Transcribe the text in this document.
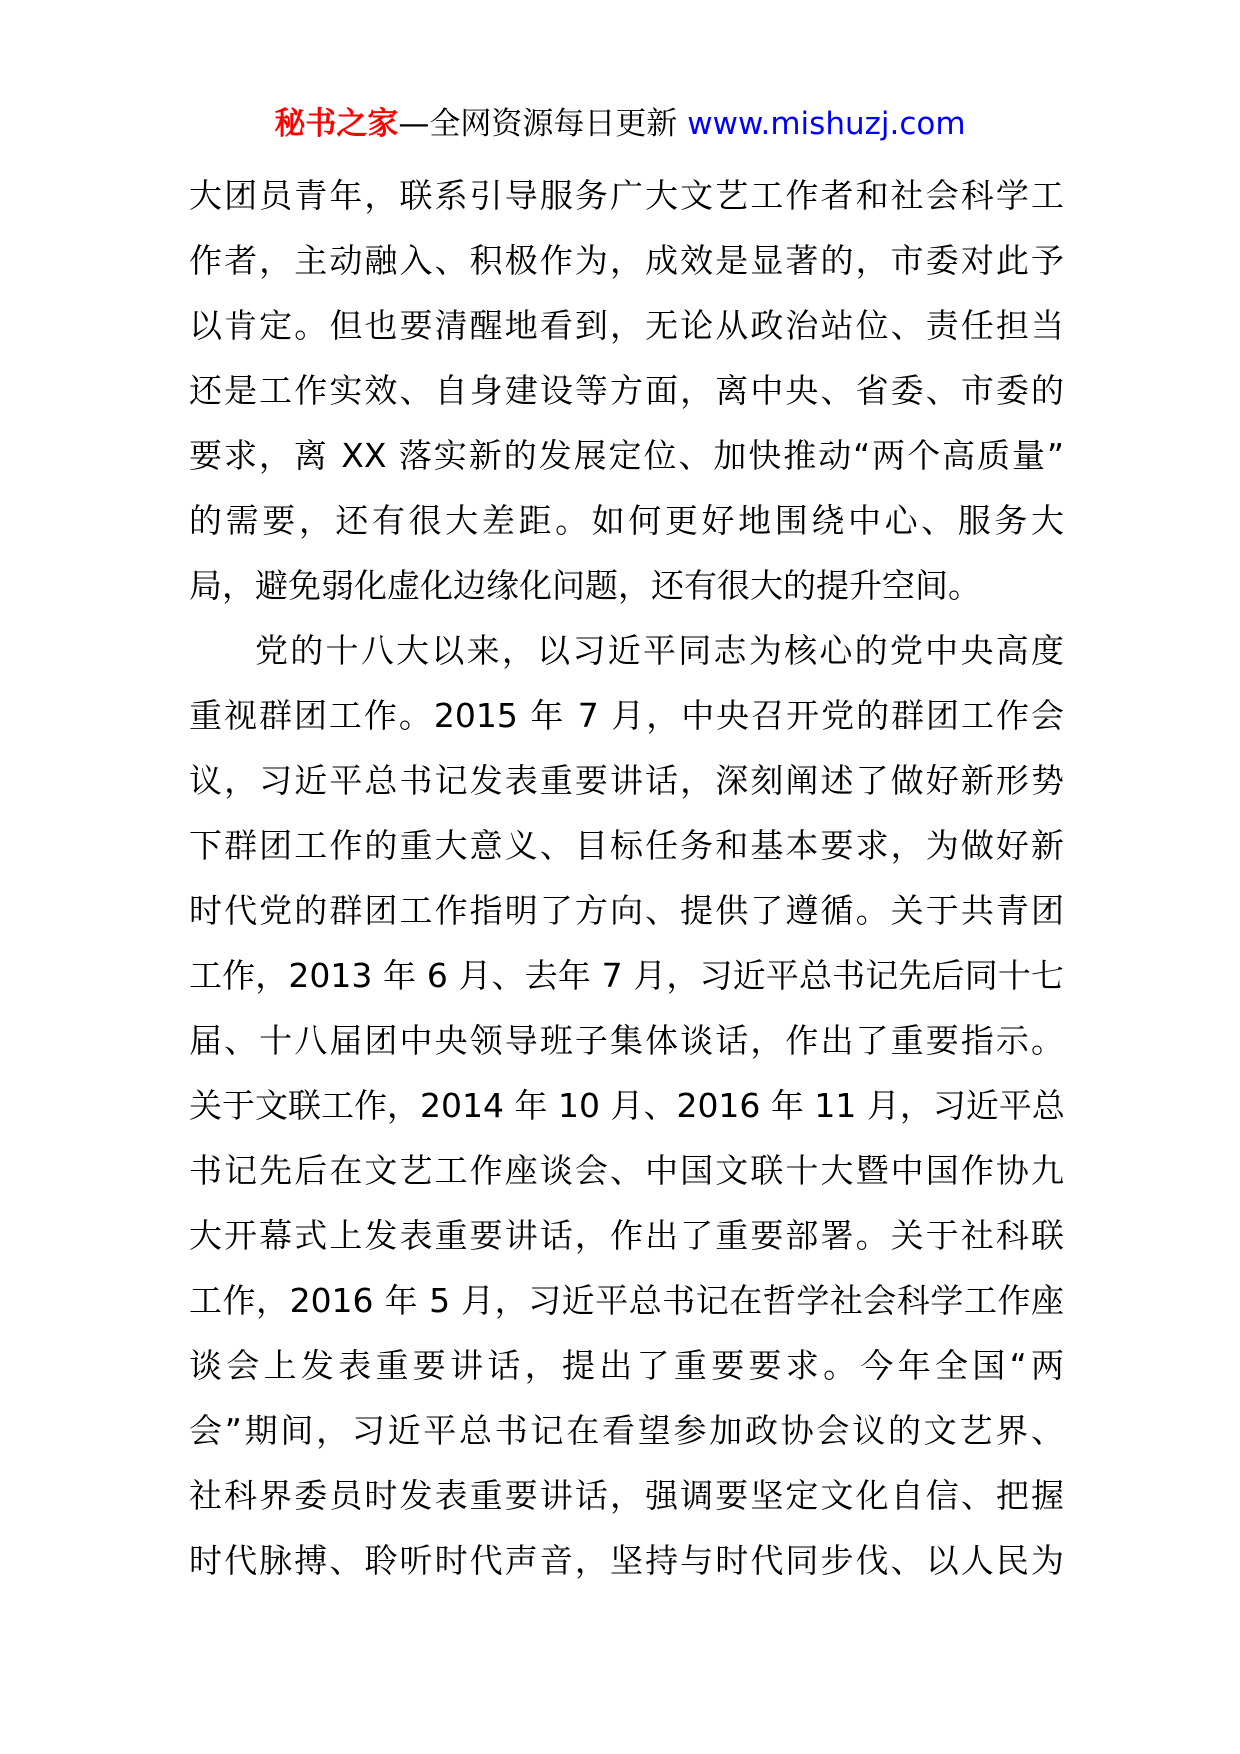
秘书之家—全网资源每日更新 www.mishuzj.com
大团员青年，联系引导服务广大文艺工作者和社会科学工
作者，主动融入、积极作为，成效是显著的，市委对此予
以肯定。但也要清醒地看到，无论从政治站位、责任担当
还是工作实效、自身建设等方面，离中央、省委、市委的
要求，离 XX 落实新的发展定位、加快推动“两个高质量”
的需要，还有很大差距。如何更好地围绕中心、服务大
局，避免弱化虚化边缘化问题，还有很大的提升空间。
党的十八大以来，以习近平同志为核心的党中央高度
重视群团工作。2015 年 7 月，中央召开党的群团工作会
议，习近平总书记发表重要讲话，深刻阐述了做好新形势
下群团工作的重大意义、目标任务和基本要求，为做好新
时代党的群团工作指明了方向、提供了遵循。关于共青团
工作，2013 年 6 月、去年 7 月，习近平总书记先后同十七
届、十八届团中央领导班子集体谈话，作出了重要指示。
关于文联工作，2014 年 10 月、2016 年 11 月，习近平总
书记先后在文艺工作座谈会、中国文联十大暨中国作协九
大开幕式上发表重要讲话，作出了重要部署。关于社科联
工作，2016 年 5 月，习近平总书记在哲学社会科学工作座
谈会上发表重要讲话，提出了重要要求。今年全国“两
会”期间，习近平总书记在看望参加政协会议的文艺界、
社科界委员时发表重要讲话，强调要坚定文化自信、把握
时代脉搏、聆听时代声音，坚持与时代同步伐、以人民为
